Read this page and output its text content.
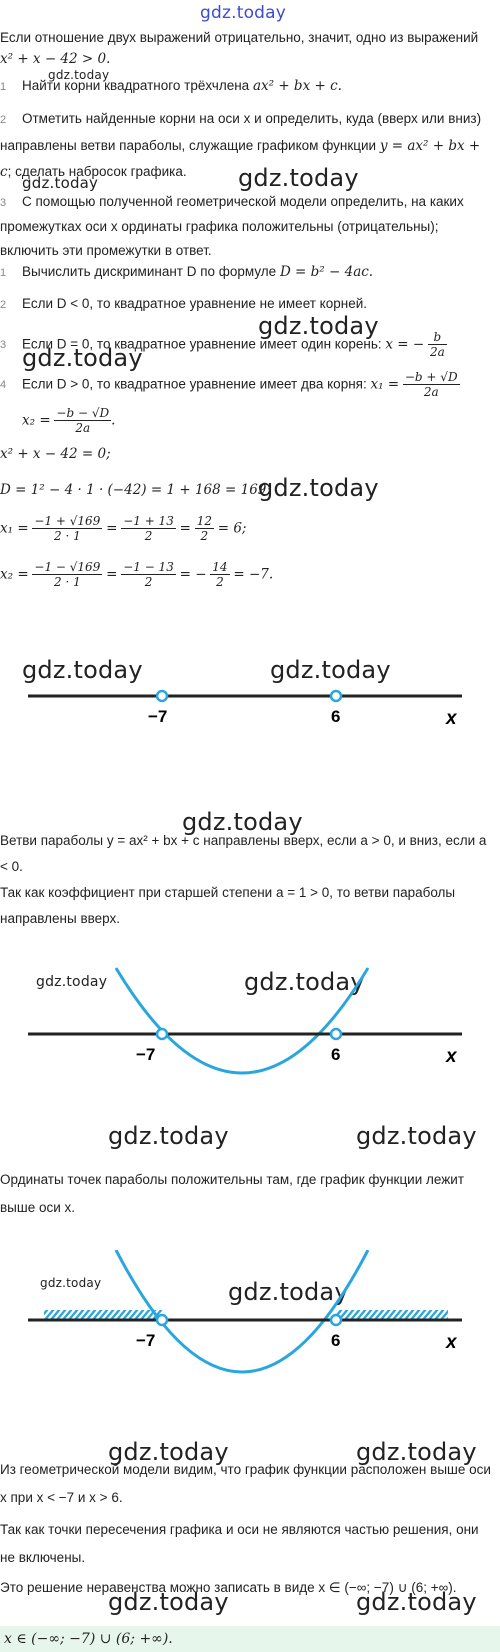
gdz.today
Если отношение двух выражений отрицательно, значит, одно из выражений
x² + x − 42 > 0.
gdz.today
1 Найти корни квадратного трёхчлена ax² + bx + c.
2 Отметить найденные корни на оси x и определить, куда (вверх или вниз) направлены ветви параболы, служащие графиком функции y = ax² + bx + c; сделать набросок графика.
gdz.today	gdz.today
3 С помощью полученной геометрической модели определить, на каких промежутках оси x ординаты графика положительны (отрицательны); включить эти промежутки в ответ.
1 Вычислить дискриминант D по формуле D = b² − 4ac.
2 Если D < 0, то квадратное уравнение не имеет корней.
gdz.today
3 Если D = 0, то квадратное уравнение имеет один корень: x = − $\frac{b}{2a}$
gdz.today
4 Если D > 0, то квадратное уравнение имеет два корня: $x_1 = \frac{-b + √D}{2a}$
$x_2 = \frac{-b - √D}{2a}$ .
x² + x − 42 = 0;
D = 1² − 4 · 1 · (−42) = 1 + 168 = 169;
gdz.today
$x_1 = \frac{-1 + √169}{2 \cdot 1} = \frac{-1 + 13}{2} = \frac{12}{2} = 6$;
$x_2 = \frac{-1 - √169}{2 \cdot 1} = \frac{-1 - 13}{2}$ = − $\frac{14}{2} = -7$.
gdz.today	gdz.today
−7	6	x
gdz.today
Ветви параболы y = ax² + bx + c направлены вверх, если a > 0, и вниз, если a < 0.
Так как коэффициент при старшей степени a = 1 > 0, то ветви параболы направлены вверх.
gdz.today	gdz.today
−7	6	x
gdz.today	gdz.today
Ординаты точек параболы положительны там, где график функции лежит выше оси x.
gdz.today	gdz.today
−7	6	x
gdz.today	gdz.today
Из геометрической модели видим, что график функции расположен выше оси x при x < −7 и x > 6.
Так как точки пересечения графика и оси не являются частью решения, они не включены.
Это решение неравенства можно записать в виде x ∈ (−∞; −7) ∪ (6; +∞).
gdz.today	gdz.today
x ∈ (−∞; −7) ∪ (6; +∞).
